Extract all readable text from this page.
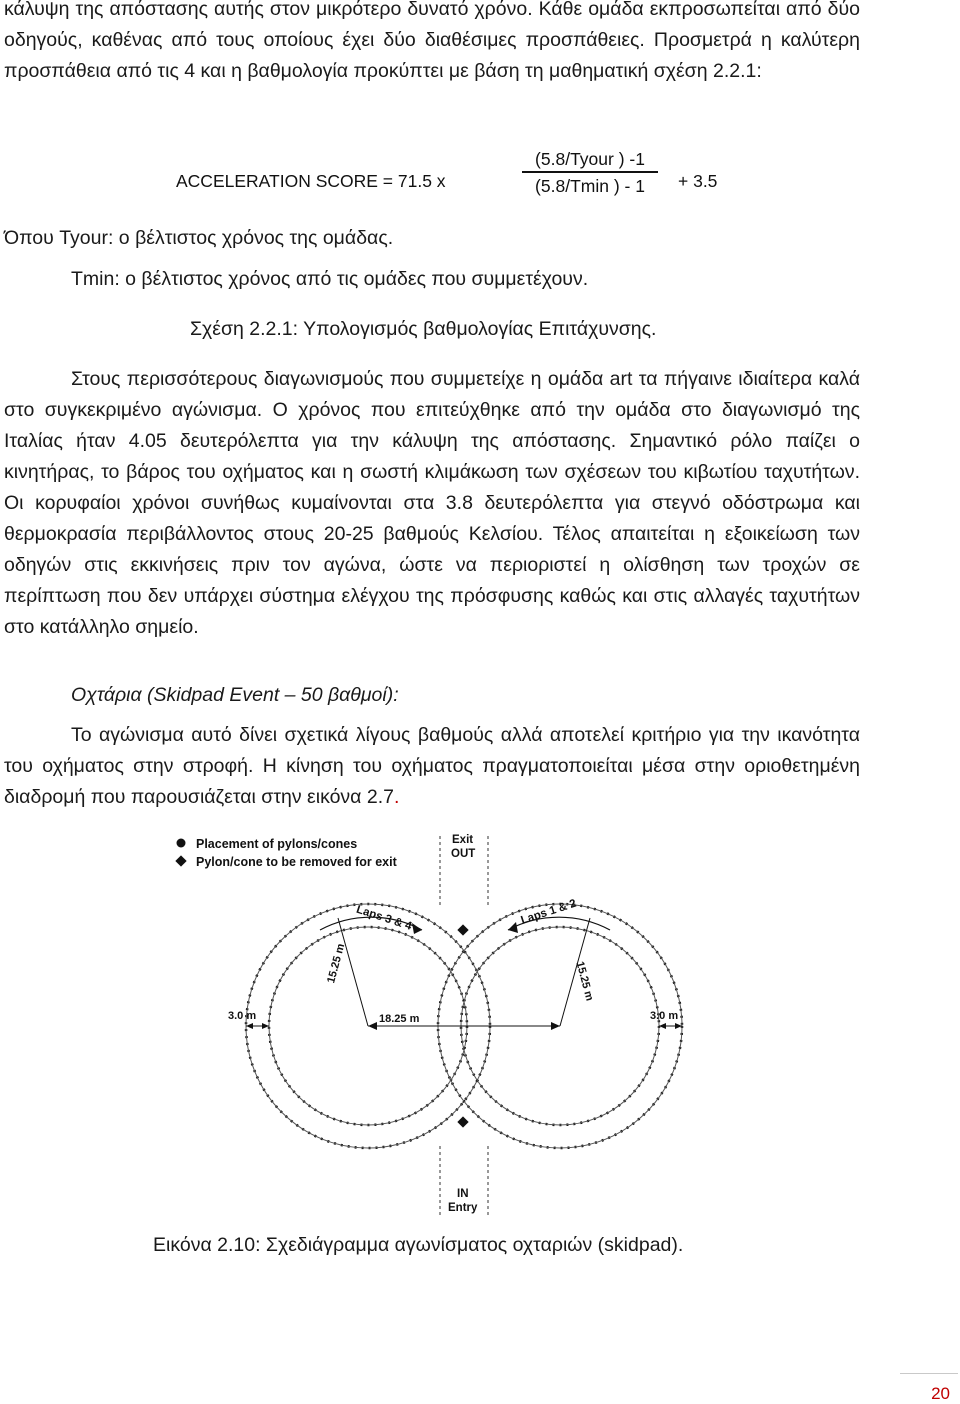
κάλυψη της απόστασης αυτής στον μικρότερο δυνατό χρόνο. Κάθε ομάδα εκπροσωπείται από δύο οδηγούς, καθένας από τους οποίους έχει δύο διαθέσιμες προσπάθειες. Προσμετρά η καλύτερη προσπάθεια από τις 4 και η βαθμολογία προκύπτει με βάση τη μαθηματική σχέση 2.2.1:

ACCELERATION SCORE = 71.5 x
(5.8/Tyour ) -1
(5.8/Tmin ) - 1	+ 3.5

Όπου Tyour: ο βέλτιστος χρόνος της ομάδας.

Tmin: ο βέλτιστος χρόνος από τις ομάδες που συμμετέχουν.

Σχέση 2.2.1: Υπολογισμός βαθμολογίας Επιτάχυνσης.

Στους περισσότερους διαγωνισμούς που συμμετείχε η ομάδα art τα πήγαινε ιδιαίτερα καλά στο συγκεκριμένο αγώνισμα. Ο χρόνος που επιτεύχθηκε από την ομάδα στο διαγωνισμό της Ιταλίας ήταν 4.05 δευτερόλεπτα για την κάλυψη της απόστασης. Σημαντικό ρόλο παίζει ο κινητήρας, το βάρος του οχήματος και η σωστή κλιμάκωση των σχέσεων του κιβωτίου ταχυτήτων. Οι κορυφαίοι χρόνοι συνήθως κυμαίνονται στα 3.8 δευτερόλεπτα για στεγνό οδόστρωμα και θερμοκρασία περιβάλλοντος στους 20-25 βαθμούς Κελσίου. Τέλος απαιτείται η εξοικείωση των οδηγών στις εκκινήσεις πριν τον αγώνα, ώστε να περιοριστεί η ολίσθηση των τροχών σε περίπτωση που δεν υπάρχει σύστημα ελέγχου της πρόσφυσης καθώς και στις αλλαγές ταχυτήτων στο κατάλληλο σημείο.

Οχτάρια (Skidpad Event – 50 βαθμοί):

Το αγώνισμα αυτό δίνει σχετικά λίγους βαθμούς αλλά αποτελεί κριτήριο για την ικανότητα του οχήματος στην στροφή. Η κίνηση του οχήματος πραγματοποιείται μέσα στην οριοθετημένη διαδρομή που παρουσιάζεται στην εικόνα 2.7.

Placement of pylons/cones
Pylon/cone to be removed for exit
Exit
OUT
IN
Entry
Laps 3 & 4	Laps 1 & 2
15.25 m	15.25 m
18.25 m
3.0 m	3.0 m

Εικόνα 2.10: Σχεδιάγραμμα αγωνίσματος οχταριών (skidpad).

20
